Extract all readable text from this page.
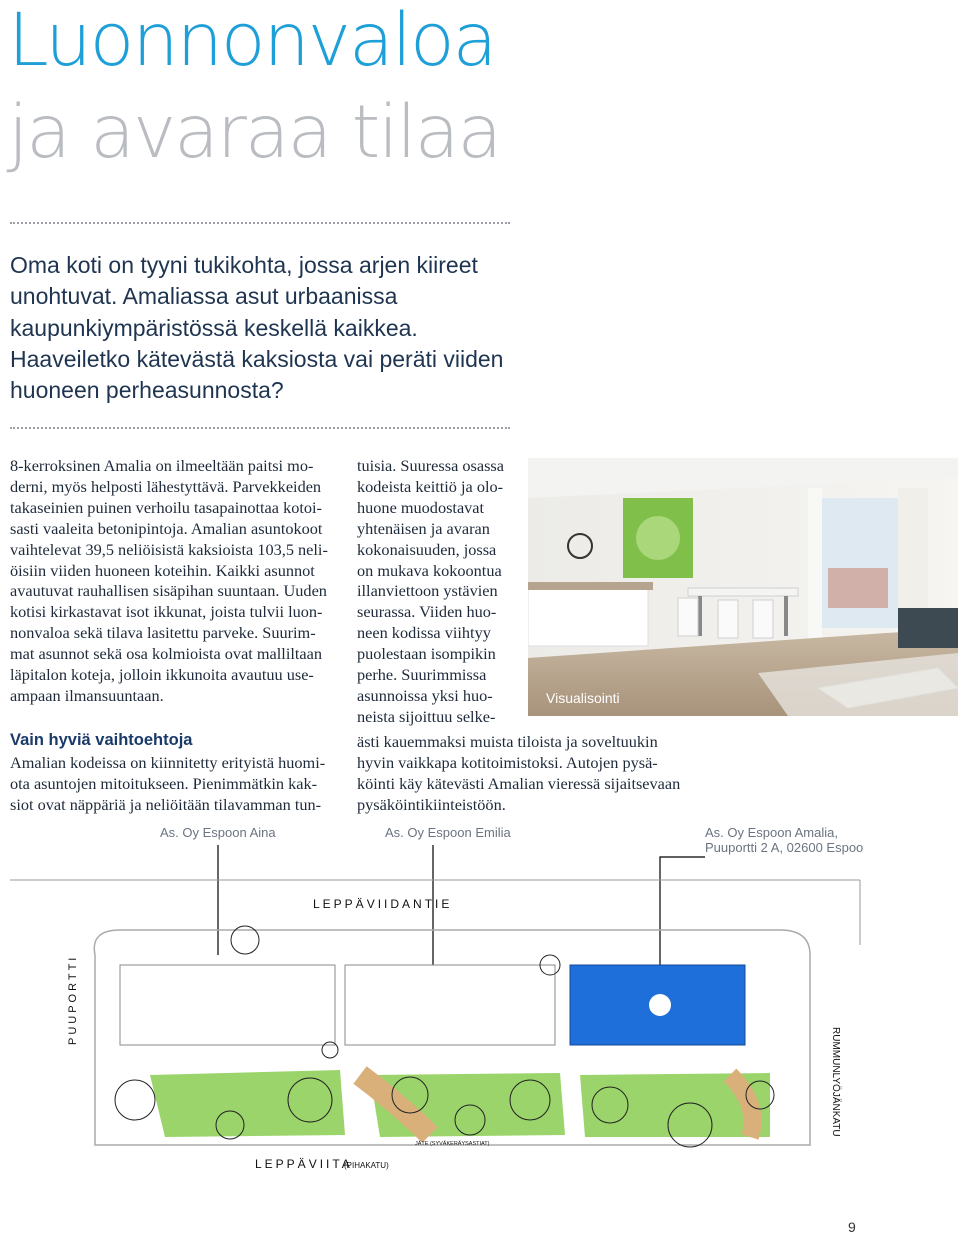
Luonnonvaloa
ja avaraa tilaa
Oma koti on tyyni tukikohta, jossa arjen kiireet unohtuvat. Amaliassa asut urbaanissa kaupunkiympäristössä keskellä kaikkea. Haaveiletko kätevästä kaksiosta vai peräti viiden huoneen perheasunnosta?
8-kerroksinen Amalia on ilmeeltään paitsi mo-
derni, myös helposti lähestyttävä. Parvekkeiden
takaseinien puinen verhoilu tasapainottaa kotoi-
sasti vaaleita betonipintoja. Amalian asuntokoot
vaihtelevat 39,5 neliöisistä kaksioista 103,5 neli-
öisiin viiden huoneen koteihin. Kaikki asunnot
avautuvat rauhallisen sisäpihan suuntaan. Uuden
kotisi kirkastavat isot ikkunat, joista tulvii luon-
nonvaloa sekä tilava lasitettu parveke. Suurim-
mat asunnot sekä osa kolmioista ovat malliltaan
läpitalon koteja, jolloin ikkunoita avautuu use-
ampaan ilmansuuntaan.
Vain hyviä vaihtoehtoja
Amalian kodeissa on kiinnitetty erityistä huomi-
ota asuntojen mitoitukseen. Pienimmätkin kak-
siot ovat näppäriä ja neliöitään tilavamman tun-
tuisia. Suuressa osassa
kodeista keittiö ja olo-
huone muodostavat
yhtenäisen ja avaran
kokonaisuuden, jossa
on mukava kokoontua
illanviettoon ystävien
seurassa. Viiden huo-
neen kodissa viihtyy
puolestaan isompikin
perhe. Suurimmissa
asunnoissa yksi huo-
neista sijoittuu selke-
ästi kauemmaksi muista tiloista ja soveltuukin
hyvin vaikkapa kotitoimistoksi. Autojen pysä-
köinti käy kätevästi Amalian vieressä sijaitsevaan
pysäköintikiinteistöön.
Visualisointi
As. Oy Espoon Aina	As. Oy Espoon Emilia	As. Oy Espoon Amalia,
Puuportti 2 A, 02600 Espoo
LEPPÄVIIDANTIE
LEPPÄVIITA
(PIHAKATU)
JÄTE (SYVÄKERÄYSASTIAT)
PUUPORTTI
RUMMUNLYÖJÄNKATU
9
